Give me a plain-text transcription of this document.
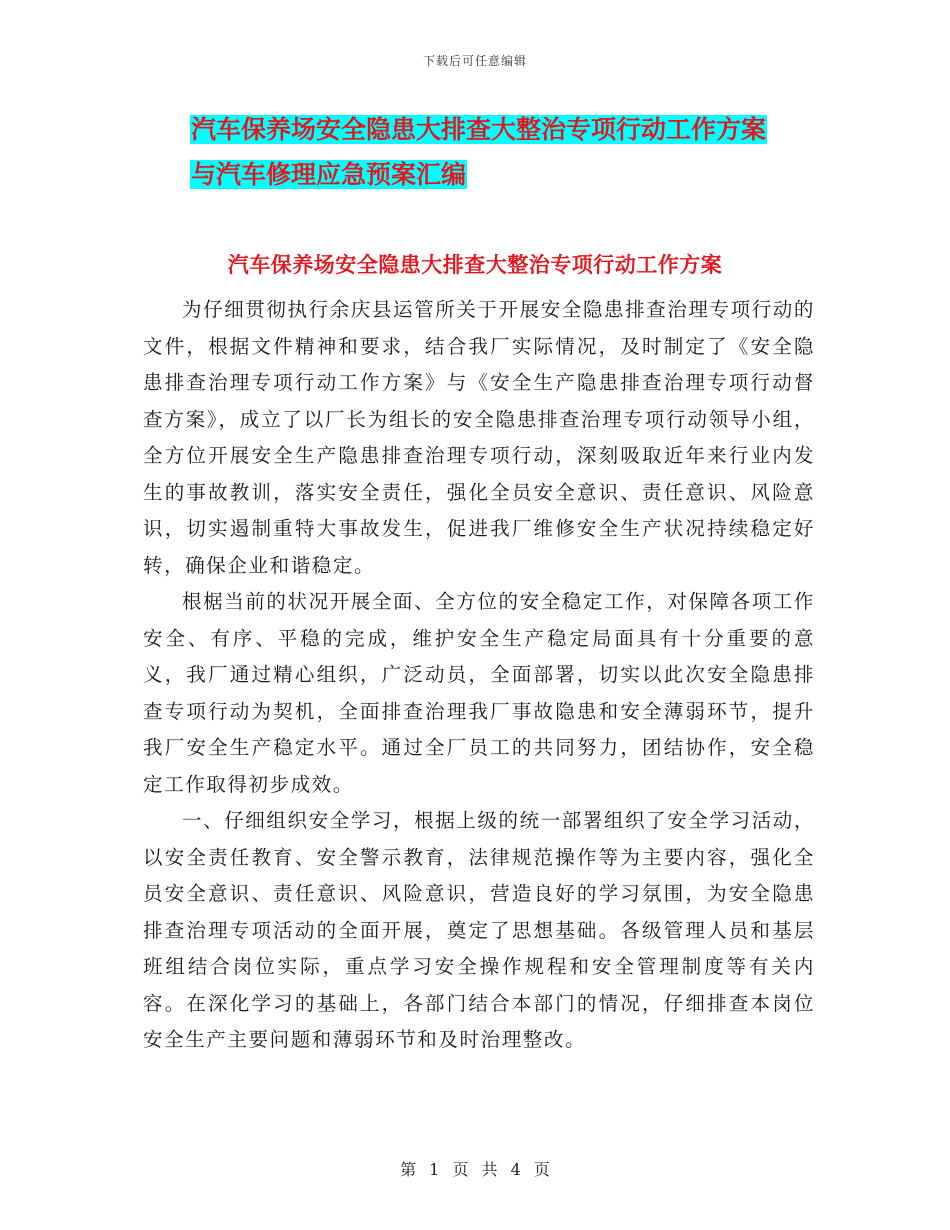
下载后可任意编辑
汽车保养场安全隐患大排查大整治专项行动工作方案
与汽车修理应急预案汇编
汽车保养场安全隐患大排查大整治专项行动工作方案

为仔细贯彻执行余庆县运管所关于开展安全隐患排查治理专项行动的文件，根据文件精神和要求，结合我厂实际情况，及时制定了《安全隐患排查治理专项行动工作方案》与《安全生产隐患排查治理专项行动督查方案》，成立了以厂长为组长的安全隐患排查治理专项行动领导小组，全方位开展安全生产隐患排查治理专项行动，深刻吸取近年来行业内发生的事故教训，落实安全责任，强化全员安全意识、责任意识、风险意识，切实遏制重特大事故发生，促进我厂维修安全生产状况持续稳定好转，确保企业和谐稳定。

根椐当前的状况开展全面、全方位的安全稳定工作，对保障各项工作安全、有序、平稳的完成，维护安全生产稳定局面具有十分重要的意义，我厂通过精心组织，广泛动员，全面部署，切实以此次安全隐患排查专项行动为契机，全面排查治理我厂事故隐患和安全薄弱环节，提升我厂安全生产稳定水平。通过全厂员工的共同努力，团结协作，安全稳定工作取得初步成效。

一、仔细组织安全学习，根据上级的统一部署组织了安全学习活动，以安全责任教育、安全警示教育，法律规范操作等为主要内容，强化全员安全意识、责任意识、风险意识，营造良好的学习氛围，为安全隐患排查治理专项活动的全面开展，奠定了思想基础。各级管理人员和基层班组结合岗位实际，重点学习安全操作规程和安全管理制度等有关内容。在深化学习的基础上，各部门结合本部门的情况，仔细排查本岗位安全生产主要问题和薄弱环节和及时治理整改。

第 1 页 共 4 页
